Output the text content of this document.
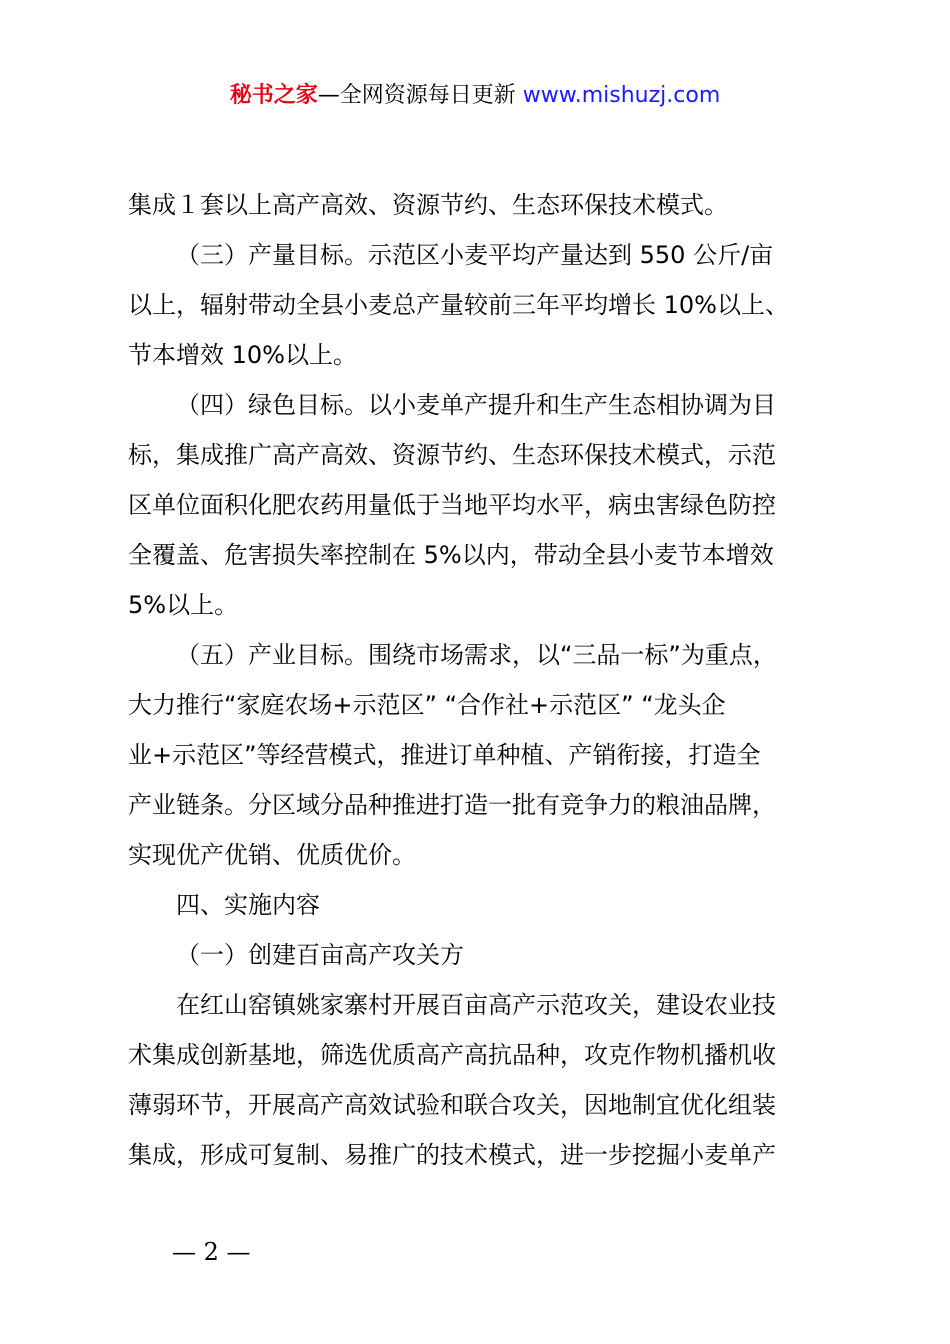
秘书之家—全网资源每日更新 www.mishuzj.com

集成１套以上高产高效、资源节约、生态环保技术模式。

（三）产量目标。示范区小麦平均产量达到 550 公斤/亩

以上，辐射带动全县小麦总产量较前三年平均增长 10%以上、

节本增效 10%以上。

（四）绿色目标。以小麦单产提升和生产生态相协调为目

标，集成推广高产高效、资源节约、生态环保技术模式，示范

区单位面积化肥农药用量低于当地平均水平，病虫害绿色防控

全覆盖、危害损失率控制在 5%以内，带动全县小麦节本增效

5%以上。

（五）产业目标。围绕市场需求，以“三品一标”为重点，

大力推行“家庭农场+示范区” “合作社+示范区” “龙头企

业+示范区”等经营模式，推进订单种植、产销衔接，打造全

产业链条。分区域分品种推进打造一批有竞争力的粮油品牌，

实现优产优销、优质优价。

四、实施内容

（一）创建百亩高产攻关方

在红山窑镇姚家寨村开展百亩高产示范攻关，建设农业技

术集成创新基地，筛选优质高产高抗品种，攻克作物机播机收

薄弱环节，开展高产高效试验和联合攻关，因地制宜优化组装

集成，形成可复制、易推广的技术模式，进一步挖掘小麦单产

— 2 —
